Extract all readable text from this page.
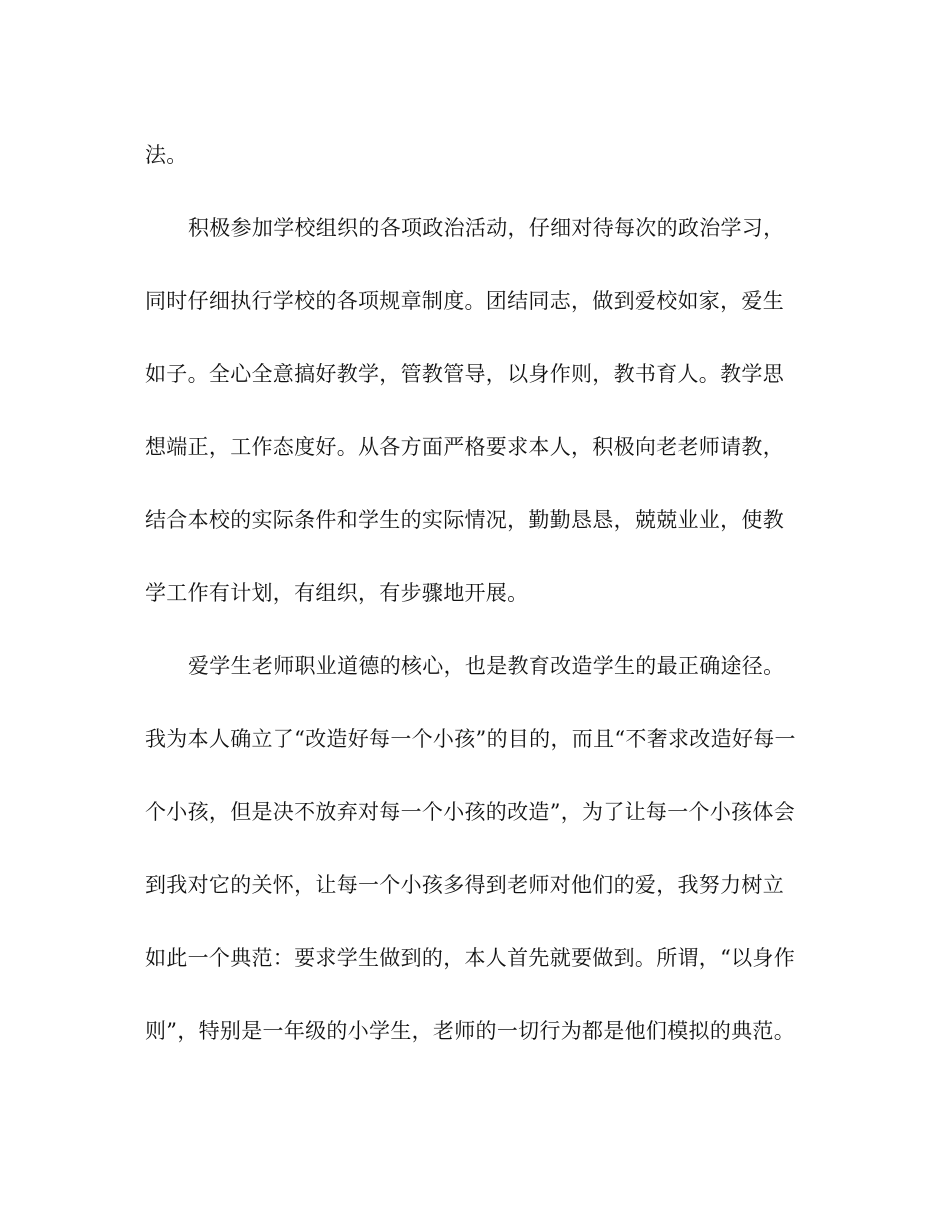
法。
积极参加学校组织的各项政治活动，仔细对待每次的政治学习，
同时仔细执行学校的各项规章制度。团结同志，做到爱校如家，爱生
如子。全心全意搞好教学，管教管导，以身作则，教书育人。教学思
想端正，工作态度好。从各方面严格要求本人，积极向老老师请教，
结合本校的实际条件和学生的实际情况，勤勤恳恳，兢兢业业，使教
学工作有计划，有组织，有步骤地开展。
爱学生老师职业道德的核心，也是教育改造学生的最正确途径。
我为本人确立了“改造好每一个小孩”的目的，而且“不奢求改造好每一
个小孩，但是决不放弃对每一个小孩的改造”，为了让每一个小孩体会
到我对它的关怀，让每一个小孩多得到老师对他们的爱，我努力树立
如此一个典范：要求学生做到的，本人首先就要做到。所谓，“以身作
则”，特别是一年级的小学生，老师的一切行为都是他们模拟的典范。
